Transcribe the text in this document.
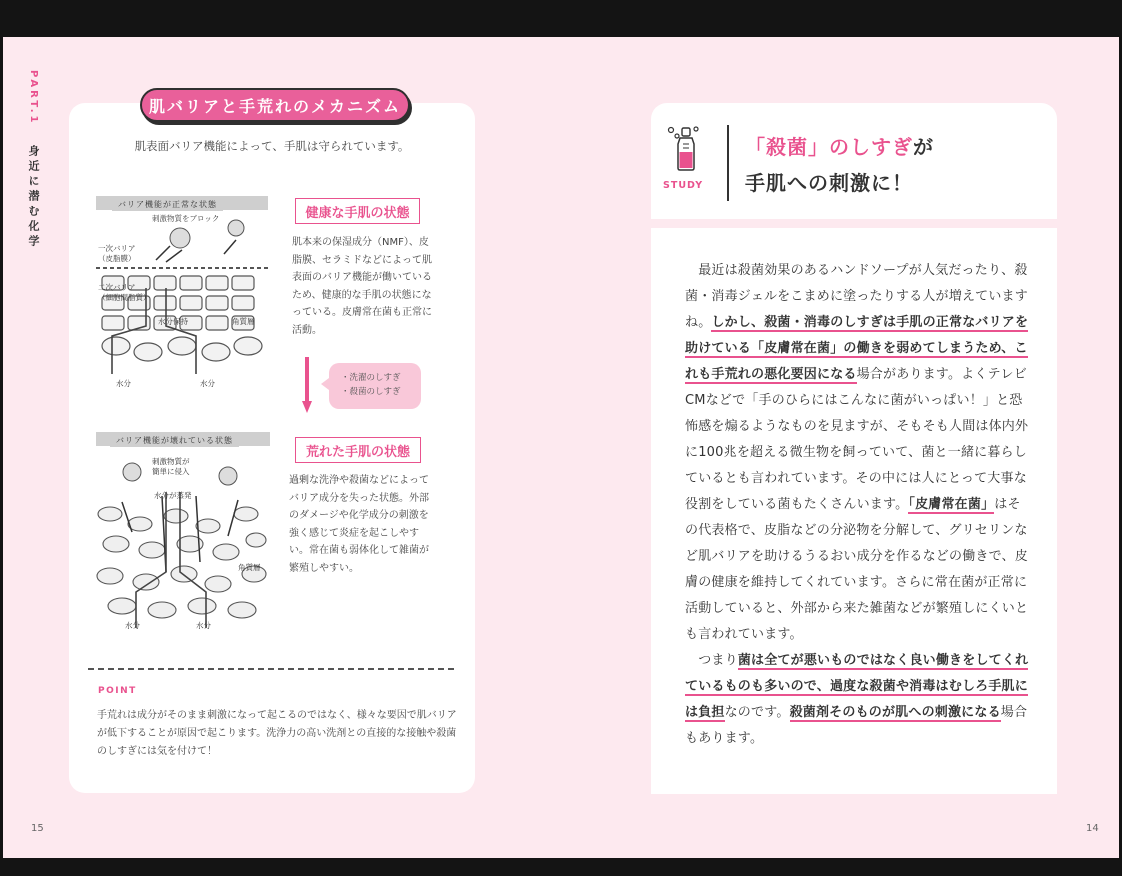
PART.1 身近に潜む化学
肌バリアと手荒れのメカニズム
肌表面バリア機能によって、手肌は守られています。
バリア機能が正常な状態
刺激物質をブロック
一次バリア
（皮脂膜）
二次バリア
（細胞間脂質）
水分保持	角質層
水分	水分
健康な手肌の状態
肌本来の保湿成分（NMF）、皮脂膜、セラミドなどによって肌表面のバリア機能が働いているため、健康的な手肌の状態になっている。皮膚常在菌も正常に活動。
・洗濯のしすぎ
・殺菌のしすぎ
バリア機能が壊れている状態
刺激物質が
簡単に侵入
水分が蒸発
角質層
水分	水分
荒れた手肌の状態
過剰な洗浄や殺菌などによってバリア成分を失った状態。外部のダメージや化学成分の刺激を強く感じて炎症を起こしやすい。常在菌も弱体化して雑菌が繁殖しやすい。
POINT
手荒れは成分がそのまま刺激になって起こるのではなく、様々な要因で肌バリアが低下することが原因で起こります。洗浄力の高い洗剤との直接的な接触や殺菌のしすぎには気を付けて！
STUDY
「殺菌」のしすぎが
手肌への刺激に！

　最近は殺菌効果のあるハンドソープが人気だったり、殺菌・消毒ジェルをこまめに塗ったりする人が増えていますね。しかし、殺菌・消毒のしすぎは手肌の正常なバリアを助けている「皮膚常在菌」の働きを弱めてしまうため、これも手荒れの悪化要因になる場合があります。よくテレビCMなどで「手のひらにはこんなに菌がいっぱい！」と恐怖感を煽るようなものを見ますが、そもそも人間は体内外に100兆を超える微生物を飼っていて、菌と一緒に暮らしているとも言われています。その中には人にとって大事な役割をしている菌もたくさんいます。「皮膚常在菌」はその代表格で、皮脂などの分泌物を分解して、グリセリンなど肌バリアを助けるうるおい成分を作るなどの働きで、皮膚の健康を維持してくれています。さらに常在菌が正常に活動していると、外部から来た雑菌などが繁殖しにくいとも言われています。

　つまり菌は全てが悪いものではなく良い働きをしてくれているものも多いので、過度な殺菌や消毒はむしろ手肌には負担なのです。殺菌剤そのものが肌への刺激になる場合もあります。

15	14
